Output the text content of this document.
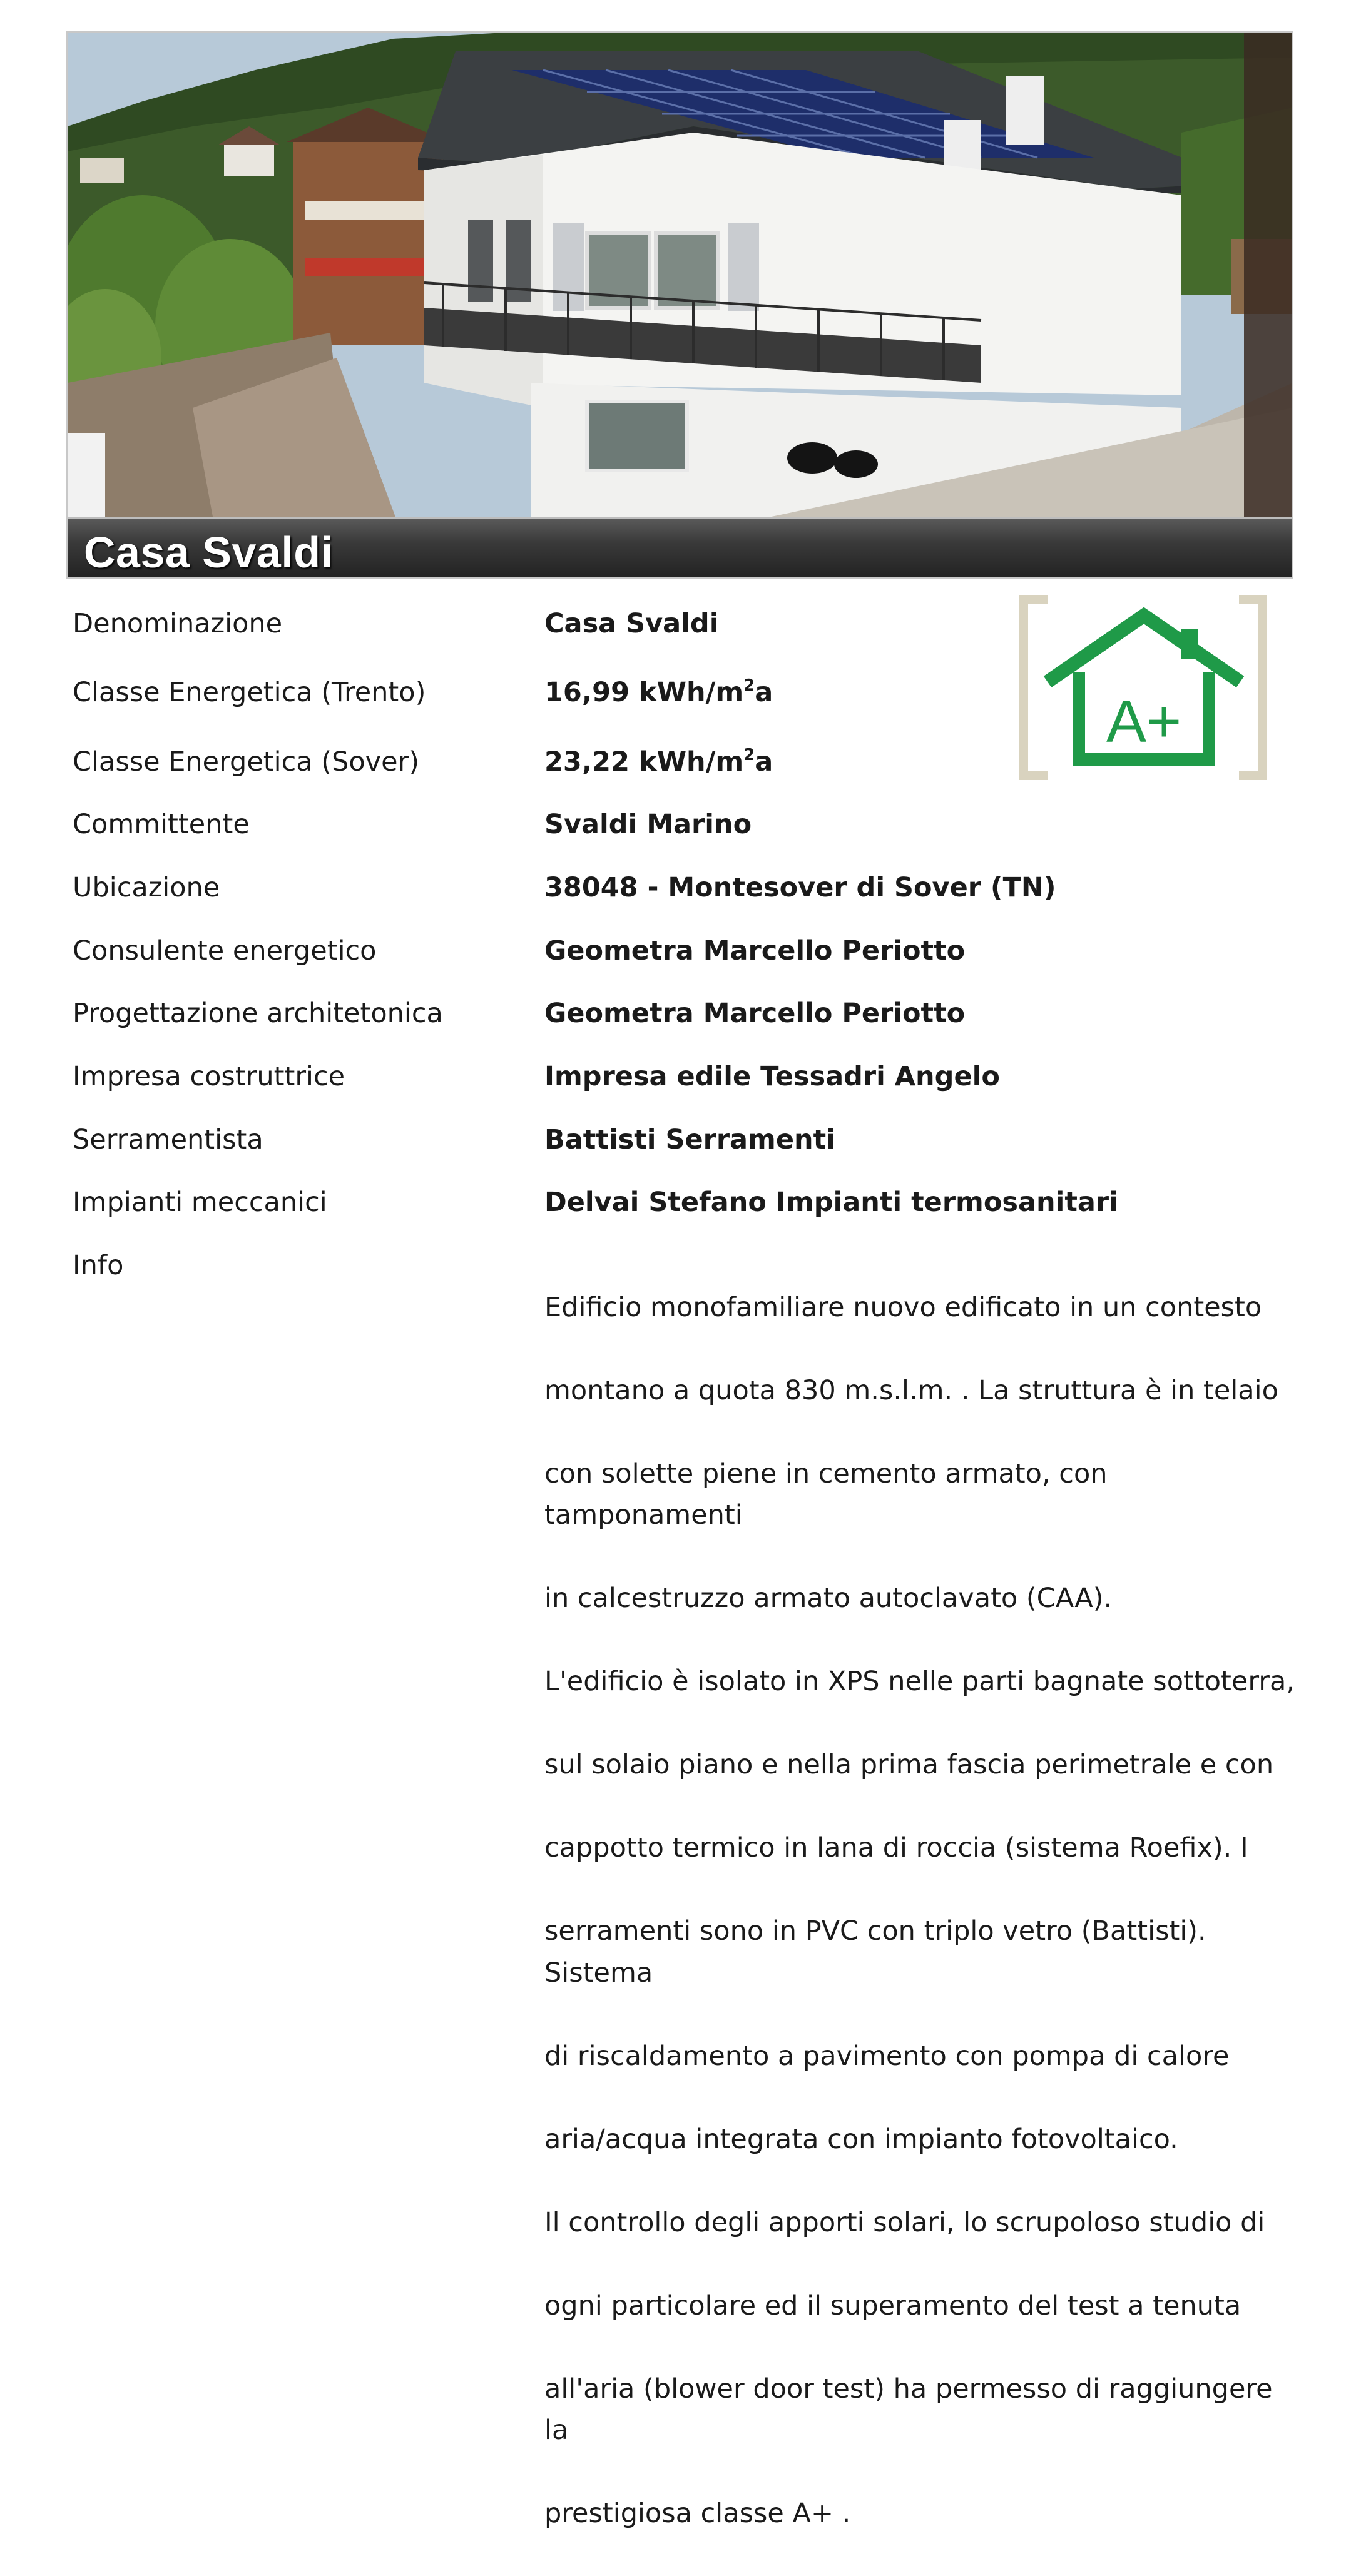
Casa Svaldi
A+
Denominazione	Casa Svaldi
Classe Energetica (Trento)	16,99 kWh/$m^2a$
Classe Energetica (Sover)	23,22 kWh/$m^2a$
Committente	Svaldi Marino
Ubicazione	38048 - Montesover di Sover (TN)
Consulente energetico	Geometra Marcello Periotto
Progettazione architetonica	Geometra Marcello Periotto
Impresa costruttrice	Impresa edile Tessadri Angelo
Serramentista	Battisti Serramenti
Impianti meccanici	Delvai Stefano Impianti termosanitari
Info

Edificio monofamiliare nuovo edificato in un contesto

montano a quota 830 m.s.l.m. . La struttura è in telaio

con solette piene in cemento armato, con tamponamenti

in calcestruzzo armato autoclavato (CAA).

L'edificio è isolato in XPS nelle parti bagnate sottoterra,

sul solaio piano e nella prima fascia perimetrale e con

cappotto termico in lana di roccia (sistema Roefix). I

serramenti sono in PVC con triplo vetro (Battisti). Sistema

di riscaldamento a pavimento con pompa di calore

aria/acqua integrata con impianto fotovoltaico.

Il controllo degli apporti solari, lo scrupoloso studio di

ogni particolare ed il superamento del test a tenuta

all'aria (blower door test) ha permesso di raggiungere la

prestigiosa classe A+ .
